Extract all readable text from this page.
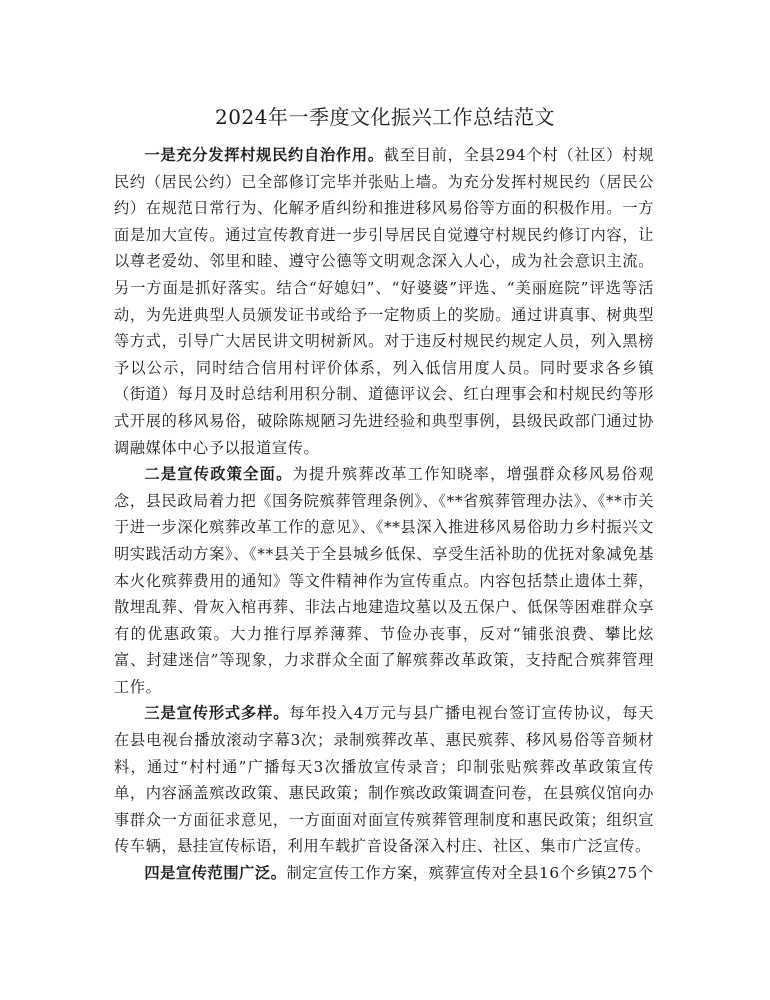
2024年一季度文化振兴工作总结范文

一是充分发挥村规民约自治作用。截至目前，全县294个村（社区）村规民约（居民公约）已全部修订完毕并张贴上墙。为充分发挥村规民约（居民公约）在规范日常行为、化解矛盾纠纷和推进移风易俗等方面的积极作用。一方面是加大宣传。通过宣传教育进一步引导居民自觉遵守村规民约修订内容，让以尊老爱幼、邻里和睦、遵守公德等文明观念深入人心，成为社会意识主流。另一方面是抓好落实。结合“好媳妇”、“好婆婆”评选、“美丽庭院”评选等活动，为先进典型人员颁发证书或给予一定物质上的奖励。通过讲真事、树典型等方式，引导广大居民讲文明树新风。对于违反村规民约规定人员，列入黑榜予以公示，同时结合信用村评价体系，列入低信用度人员。同时要求各乡镇（街道）每月及时总结利用积分制、道德评议会、红白理事会和村规民约等形式开展的移风易俗，破除陈规陋习先进经验和典型事例，县级民政部门通过协调融媒体中心予以报道宣传。

二是宣传政策全面。为提升殡葬改革工作知晓率，增强群众移风易俗观念，县民政局着力把《国务院殡葬管理条例》、《**省殡葬管理办法》、《**市关于进一步深化殡葬改革工作的意见》、《**县深入推进移风易俗助力乡村振兴文明实践活动方案》、《**县关于全县城乡低保、享受生活补助的优抚对象减免基本火化殡葬费用的通知》等文件精神作为宣传重点。内容包括禁止遗体土葬，散埋乱葬、骨灰入棺再葬、非法占地建造坟墓以及五保户、低保等困难群众享有的优惠政策。大力推行厚养薄葬、节俭办丧事，反对“铺张浪费、攀比炫富、封建迷信”等现象，力求群众全面了解殡葬改革政策，支持配合殡葬管理工作。

三是宣传形式多样。每年投入4万元与县广播电视台签订宣传协议，每天在县电视台播放滚动字幕3次；录制殡葬改革、惠民殡葬、移风易俗等音频材料，通过“村村通”广播每天3次播放宣传录音；印制张贴殡葬改革政策宣传单，内容涵盖殡改政策、惠民政策；制作殡改政策调查问卷，在县殡仪馆向办事群众一方面征求意见，一方面面对面宣传殡葬管理制度和惠民政策；组织宣传车辆，悬挂宣传标语，利用车载扩音设备深入村庄、社区、集市广泛宣传。

四是宣传范围广泛。制定宣传工作方案，殡葬宣传对全县16个乡镇275个
